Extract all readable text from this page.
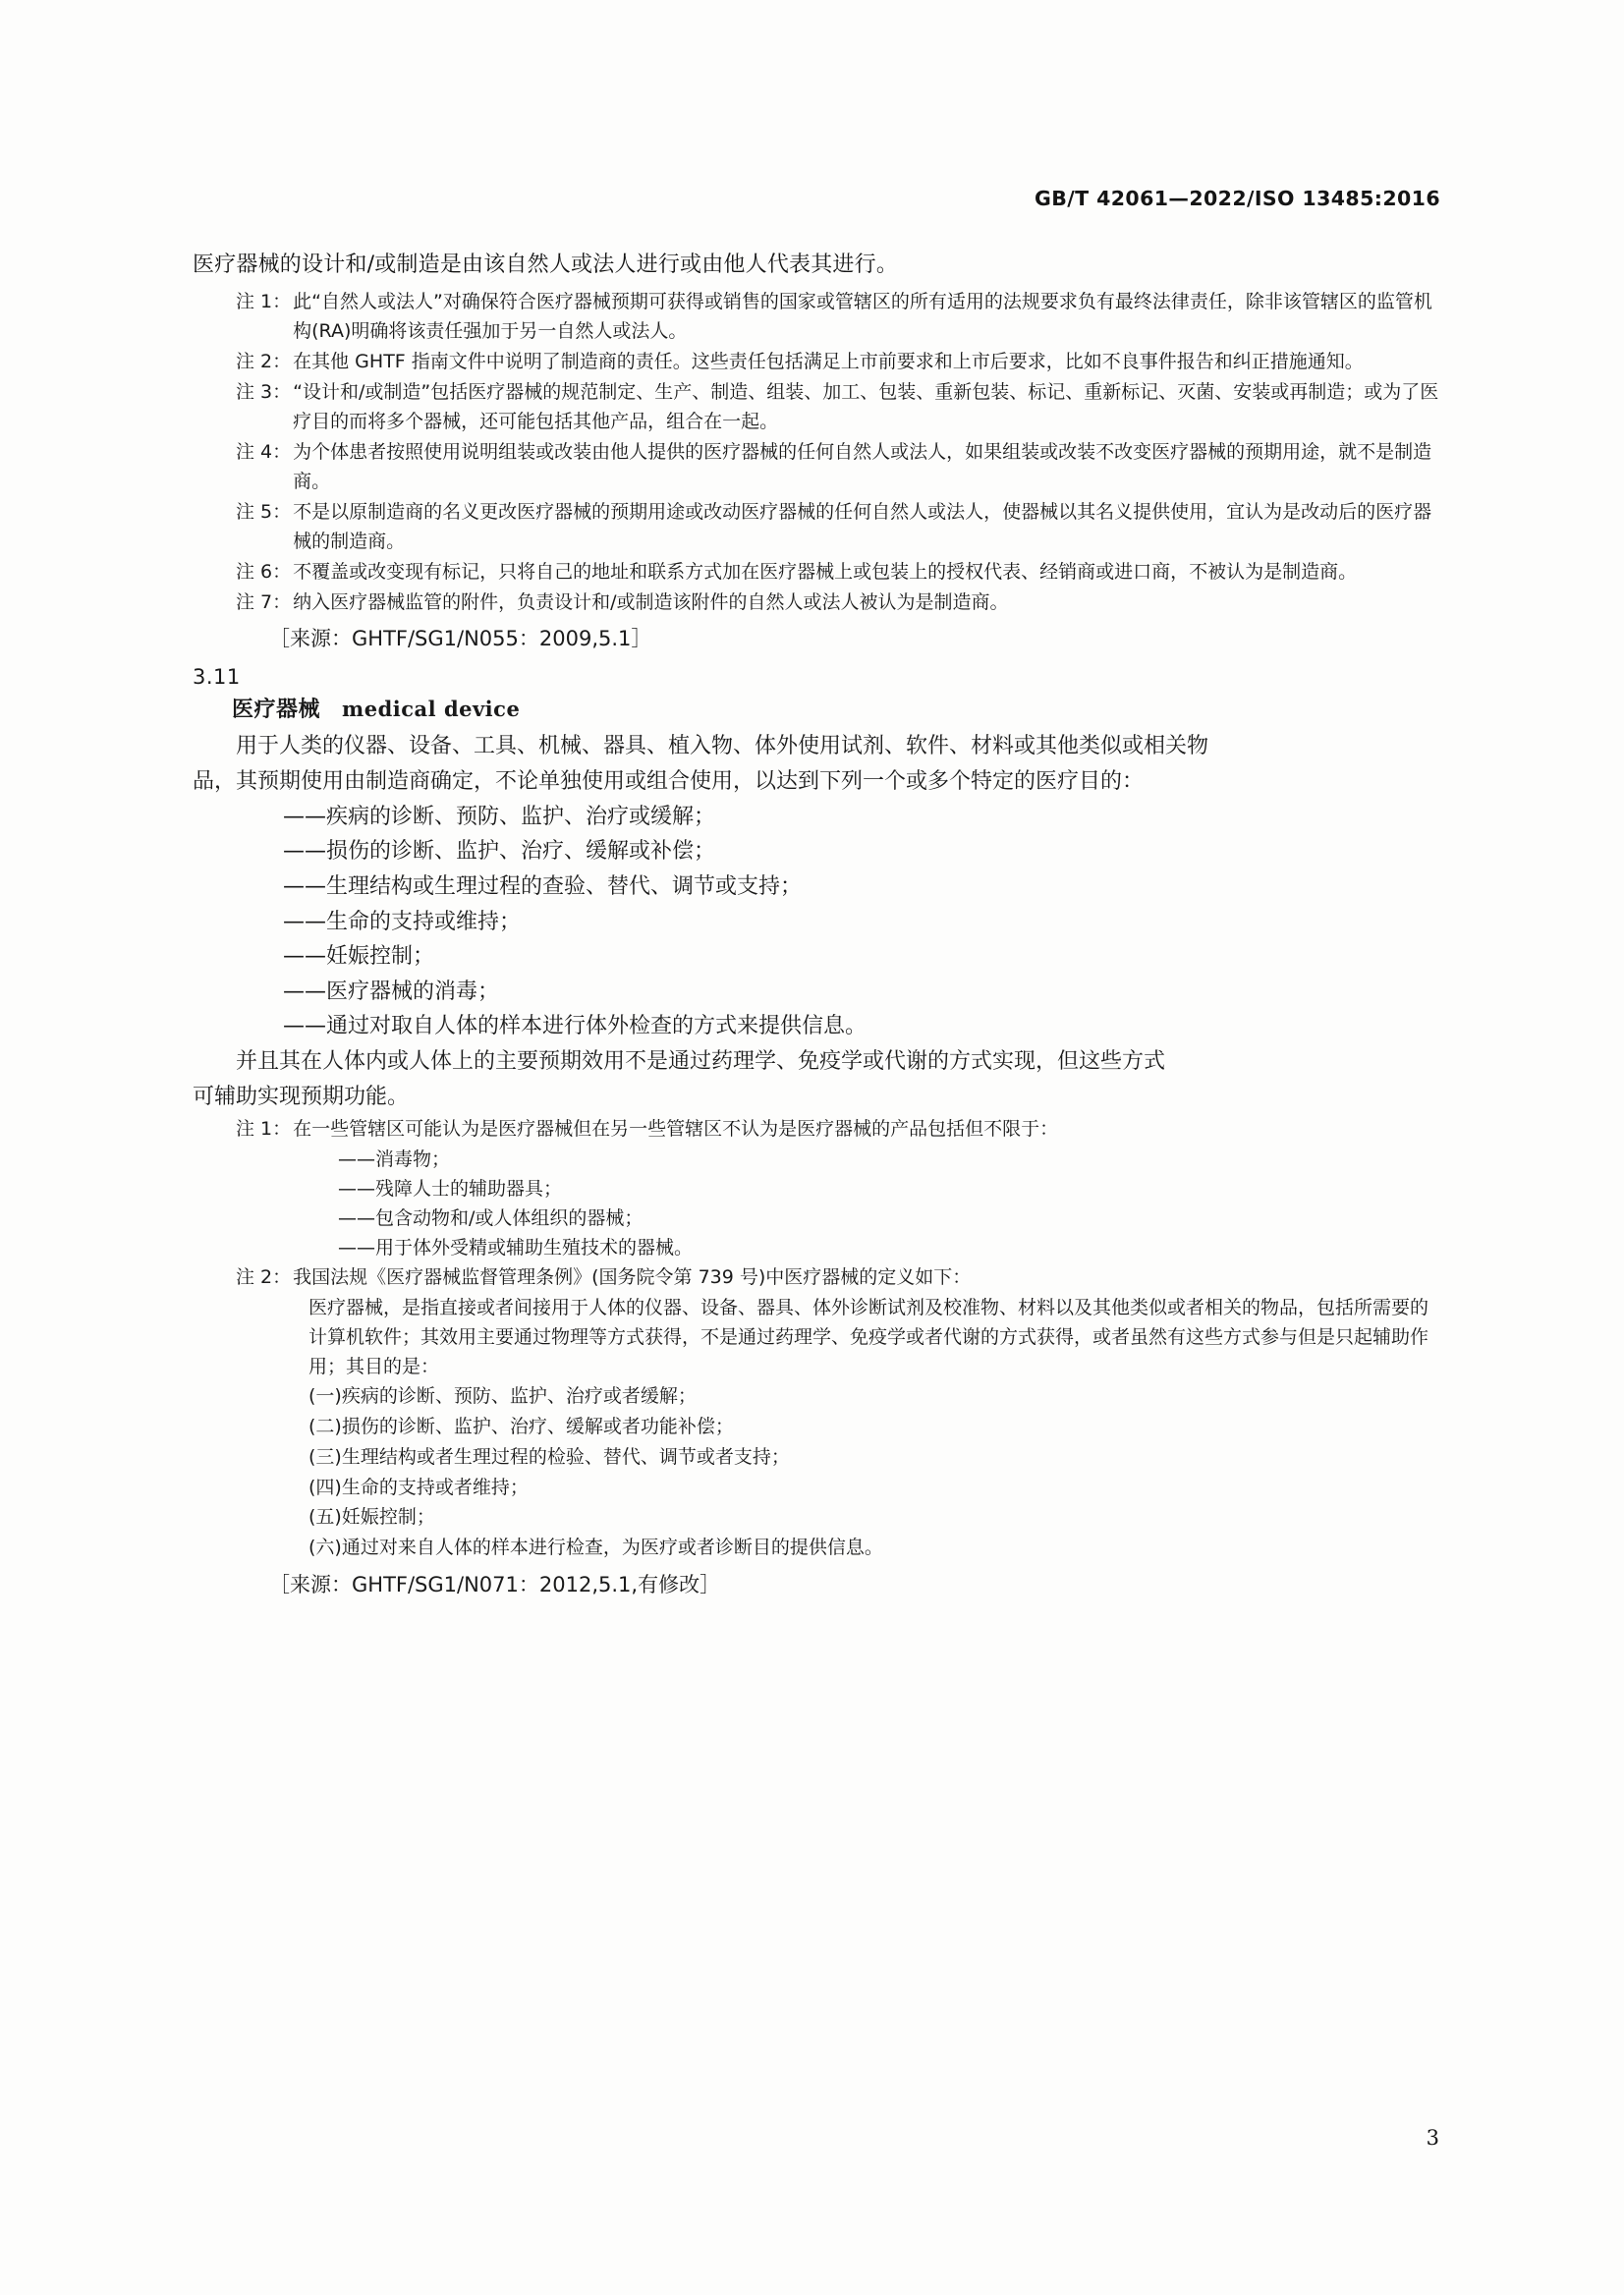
GB/T 42061—2022/ISO 13485:2016

医疗器械的设计和/或制造是由该自然人或法人进行或由他人代表其进行。

注 1： 此“自然人或法人”对确保符合医疗器械预期可获得或销售的国家或管辖区的所有适用的法规要求负有最终法律责任，除非该管辖区的监管机构(RA)明确将该责任强加于另一自然人或法人。
注 2： 在其他 GHTF 指南文件中说明了制造商的责任。这些责任包括满足上市前要求和上市后要求，比如不良事件报告和纠正措施通知。
注 3： “设计和/或制造”包括医疗器械的规范制定、生产、制造、组装、加工、包装、重新包装、标记、重新标记、灭菌、安装或再制造；或为了医疗目的而将多个器械，还可能包括其他产品，组合在一起。
注 4： 为个体患者按照使用说明组装或改装由他人提供的医疗器械的任何自然人或法人，如果组装或改装不改变医疗器械的预期用途，就不是制造商。
注 5： 不是以原制造商的名义更改医疗器械的预期用途或改动医疗器械的任何自然人或法人，使器械以其名义提供使用，宜认为是改动后的医疗器械的制造商。
注 6： 不覆盖或改变现有标记，只将自己的地址和联系方式加在医疗器械上或包装上的授权代表、经销商或进口商，不被认为是制造商。
注 7： 纳入医疗器械监管的附件，负责设计和/或制造该附件的自然人或法人被认为是制造商。

［来源：GHTF/SG1/N055：2009,5.1］

3.11

医疗器械 medical device

用于人类的仪器、设备、工具、机械、器具、植入物、体外使用试剂、软件、材料或其他类似或相关物

品，其预期使用由制造商确定，不论单独使用或组合使用，以达到下列一个或多个特定的医疗目的：

——疾病的诊断、预防、监护、治疗或缓解；

——损伤的诊断、监护、治疗、缓解或补偿；

——生理结构或生理过程的查验、替代、调节或支持；

——生命的支持或维持；

——妊娠控制；

——医疗器械的消毒；

——通过对取自人体的样本进行体外检查的方式来提供信息。

并且其在人体内或人体上的主要预期效用不是通过药理学、免疫学或代谢的方式实现，但这些方式

可辅助实现预期功能。

注 1： 在一些管辖区可能认为是医疗器械但在另一些管辖区不认为是医疗器械的产品包括但不限于：

——消毒物；

——残障人士的辅助器具；

——包含动物和/或人体组织的器械；

——用于体外受精或辅助生殖技术的器械。

注 2： 我国法规《医疗器械监督管理条例》(国务院令第 739 号)中医疗器械的定义如下：

医疗器械，是指直接或者间接用于人体的仪器、设备、器具、体外诊断试剂及校准物、材料以及其他类似或者相关的物品，包括所需要的计算机软件；其效用主要通过物理等方式获得，不是通过药理学、免疫学或者代谢的方式获得，或者虽然有这些方式参与但是只起辅助作用；其目的是：

(一)疾病的诊断、预防、监护、治疗或者缓解；

(二)损伤的诊断、监护、治疗、缓解或者功能补偿；

(三)生理结构或者生理过程的检验、替代、调节或者支持；

(四)生命的支持或者维持；

(五)妊娠控制；

(六)通过对来自人体的样本进行检查，为医疗或者诊断目的提供信息。

［来源：GHTF/SG1/N071：2012,5.1,有修改］

3
